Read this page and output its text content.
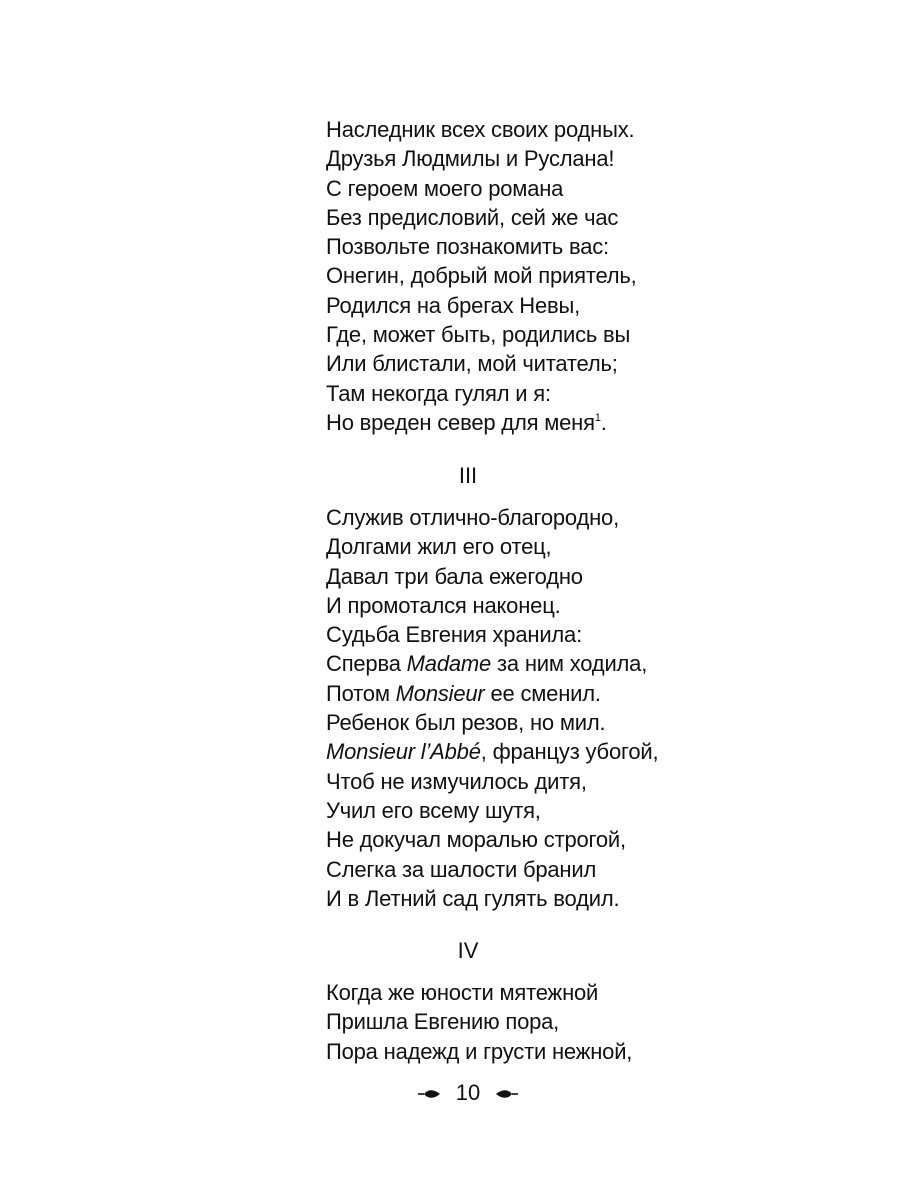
Наследник всех своих родных.
Друзья Людмилы и Руслана!
С героем моего романа
Без предисловий, сей же час
Позвольте познакомить вас:
Онегин, добрый мой приятель,
Родился на брегах Невы,
Где, может быть, родились вы
Или блистали, мой читатель;
Там некогда гулял и я:
Но вреден север для меня$^1$.
III
Служив отлично-благородно,
Долгами жил его отец,
Давал три бала ежегодно
И промотался наконец.
Судьба Евгения хранила:
Сперва Madame за ним ходила,
Потом Monsieur ее сменил.
Ребенок был резов, но мил.
Monsieur l’Abbé, француз убогой,
Чтоб не измучилось дитя,
Учил его всему шутя,
Не докучал моралью строгой,
Слегка за шалости бранил
И в Летний сад гулять водил.
IV
Когда же юности мятежной
Пришла Евгению пора,
Пора надежд и грусти нежной,
10
